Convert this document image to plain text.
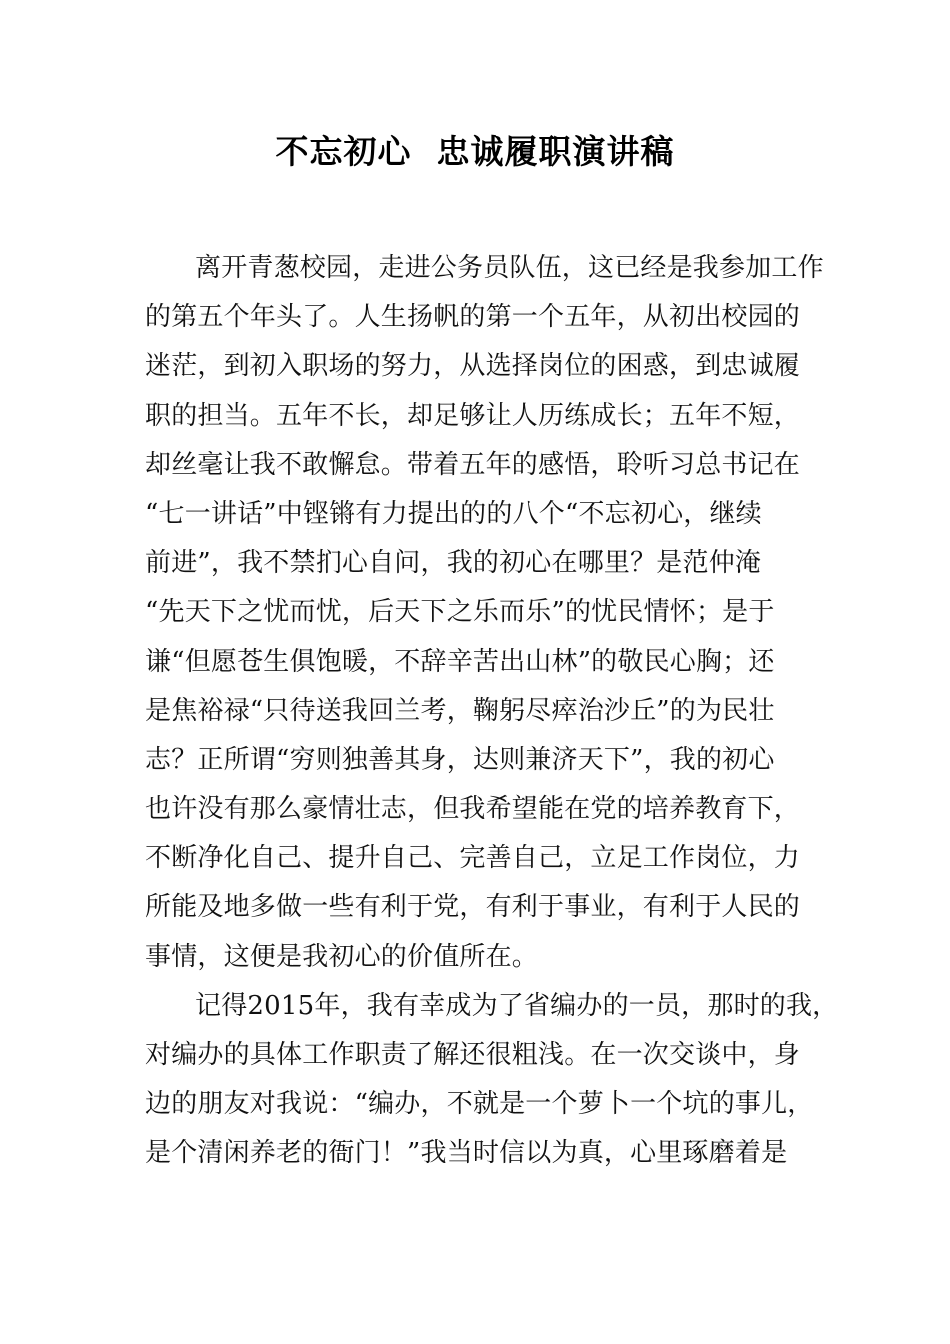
不忘初心  忠诚履职演讲稿
离开青葱校园，走进公务员队伍，这已经是我参加工作
的第五个年头了。人生扬帆的第一个五年，从初出校园的
迷茫，到初入职场的努力，从选择岗位的困惑，到忠诚履
职的担当。五年不长，却足够让人历练成长；五年不短，
却丝毫让我不敢懈怠。带着五年的感悟，聆听习总书记在
“七一讲话”中铿锵有力提出的的八个“不忘初心，继续
前进”，我不禁扪心自问，我的初心在哪里？是范仲淹
“先天下之忧而忧，后天下之乐而乐”的忧民情怀；是于
谦“但愿苍生俱饱暖，不辞辛苦出山林”的敬民心胸；还
是焦裕禄“只待送我回兰考，鞠躬尽瘁治沙丘”的为民壮
志？正所谓“穷则独善其身，达则兼济天下”，我的初心
也许没有那么豪情壮志，但我希望能在党的培养教育下，
不断净化自己、提升自己、完善自己，立足工作岗位，力
所能及地多做一些有利于党，有利于事业，有利于人民的
事情，这便是我初心的价值所在。
记得2015年，我有幸成为了省编办的一员，那时的我，
对编办的具体工作职责了解还很粗浅。在一次交谈中，身
边的朋友对我说：“编办，不就是一个萝卜一个坑的事儿，
是个清闲养老的衙门！”我当时信以为真，心里琢磨着是
